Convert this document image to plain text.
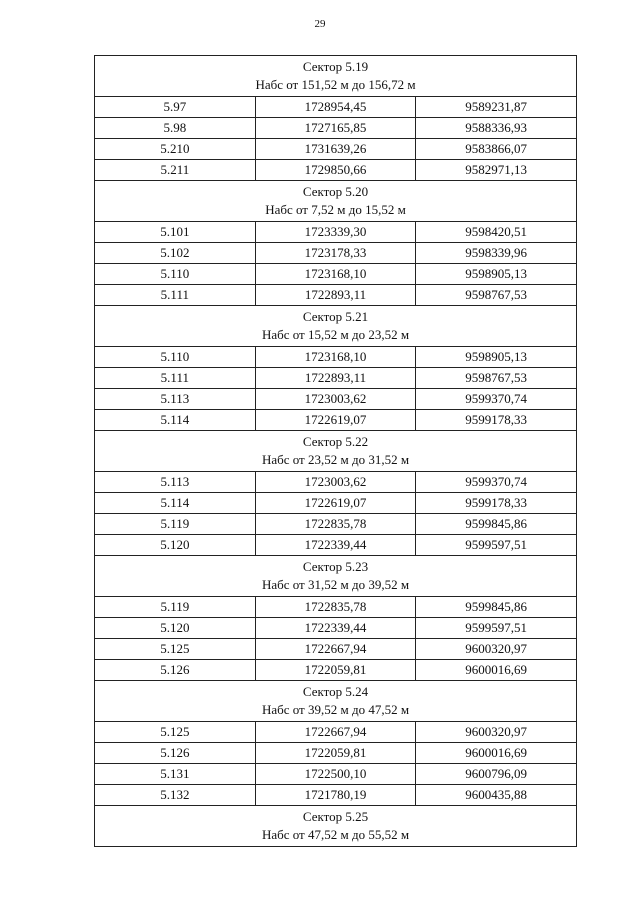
29
Сектор 5.19
Набс от 151,52 м до 156,72 м		

5.97	1728954,45	9589231,87
5.98	1727165,85	9588336,93
5.210	1731639,26	9583866,07
5.211	1729850,66	9582971,13

Сектор 5.20
Набс от 7,52 м до 15,52 м		

5.101	1723339,30	9598420,51
5.102	1723178,33	9598339,96
5.110	1723168,10	9598905,13
5.111	1722893,11	9598767,53

Сектор 5.21
Набс от 15,52 м до 23,52 м		

5.110	1723168,10	9598905,13
5.111	1722893,11	9598767,53
5.113	1723003,62	9599370,74
5.114	1722619,07	9599178,33

Сектор 5.22
Набс от 23,52 м до 31,52 м		

5.113	1723003,62	9599370,74
5.114	1722619,07	9599178,33
5.119	1722835,78	9599845,86
5.120	1722339,44	9599597,51

Сектор 5.23
Набс от 31,52 м до 39,52 м		

5.119	1722835,78	9599845,86
5.120	1722339,44	9599597,51
5.125	1722667,94	9600320,97
5.126	1722059,81	9600016,69

Сектор 5.24
Набс от 39,52 м до 47,52 м		

5.125	1722667,94	9600320,97
5.126	1722059,81	9600016,69
5.131	1722500,10	9600796,09
5.132	1721780,19	9600435,88

Сектор 5.25
Набс от 47,52 м до 55,52 м		
